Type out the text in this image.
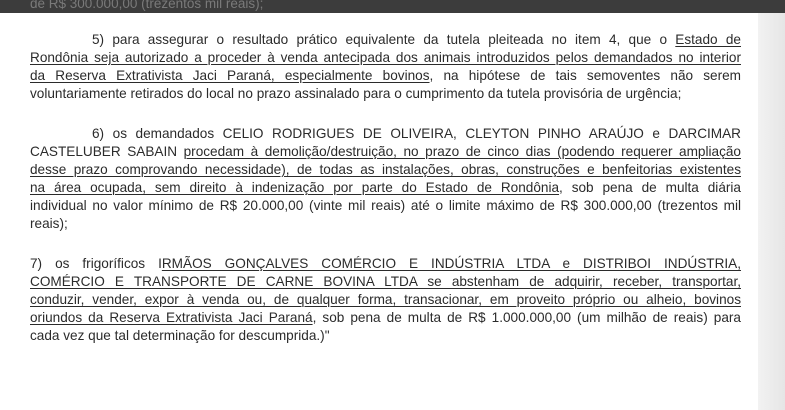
de R$ 300.000,00 (trezentos mil reais);
5) para assegurar o resultado prático equivalente da tutela pleiteada no item 4, que o Estado de
Rondônia seja autorizado a proceder à venda antecipada dos animais introduzidos pelos demandados no interior
da Reserva Extrativista Jaci Paraná, especialmente bovinos, na hipótese de tais semoventes não serem
voluntariamente retirados do local no prazo assinalado para o cumprimento da tutela provisória de urgência;
6) os demandados CELIO RODRIGUES DE OLIVEIRA, CLEYTON PINHO ARAÚJO e DARCIMAR
CASTELUBER SABAIN procedam à demolição/destruição, no prazo de cinco dias (podendo requerer ampliação
desse prazo comprovando necessidade), de todas as instalações, obras, construções e benfeitorias existentes
na área ocupada, sem direito à indenização por parte do Estado de Rondônia, sob pena de multa diária
individual no valor mínimo de R$ 20.000,00 (vinte mil reais) até o limite máximo de R$ 300.000,00 (trezentos mil
reais);
7) os frigoríficos IRMÃOS GONÇALVES COMÉRCIO E INDÚSTRIA LTDA e DISTRIBOI INDÚSTRIA,
COMÉRCIO E TRANSPORTE DE CARNE BOVINA LTDA se abstenham de adquirir, receber, transportar,
conduzir, vender, expor à venda ou, de qualquer forma, transacionar, em proveito próprio ou alheio, bovinos
oriundos da Reserva Extrativista Jaci Paraná, sob pena de multa de R$ 1.000.000,00 (um milhão de reais) para
cada vez que tal determinação for descumprida.)"
